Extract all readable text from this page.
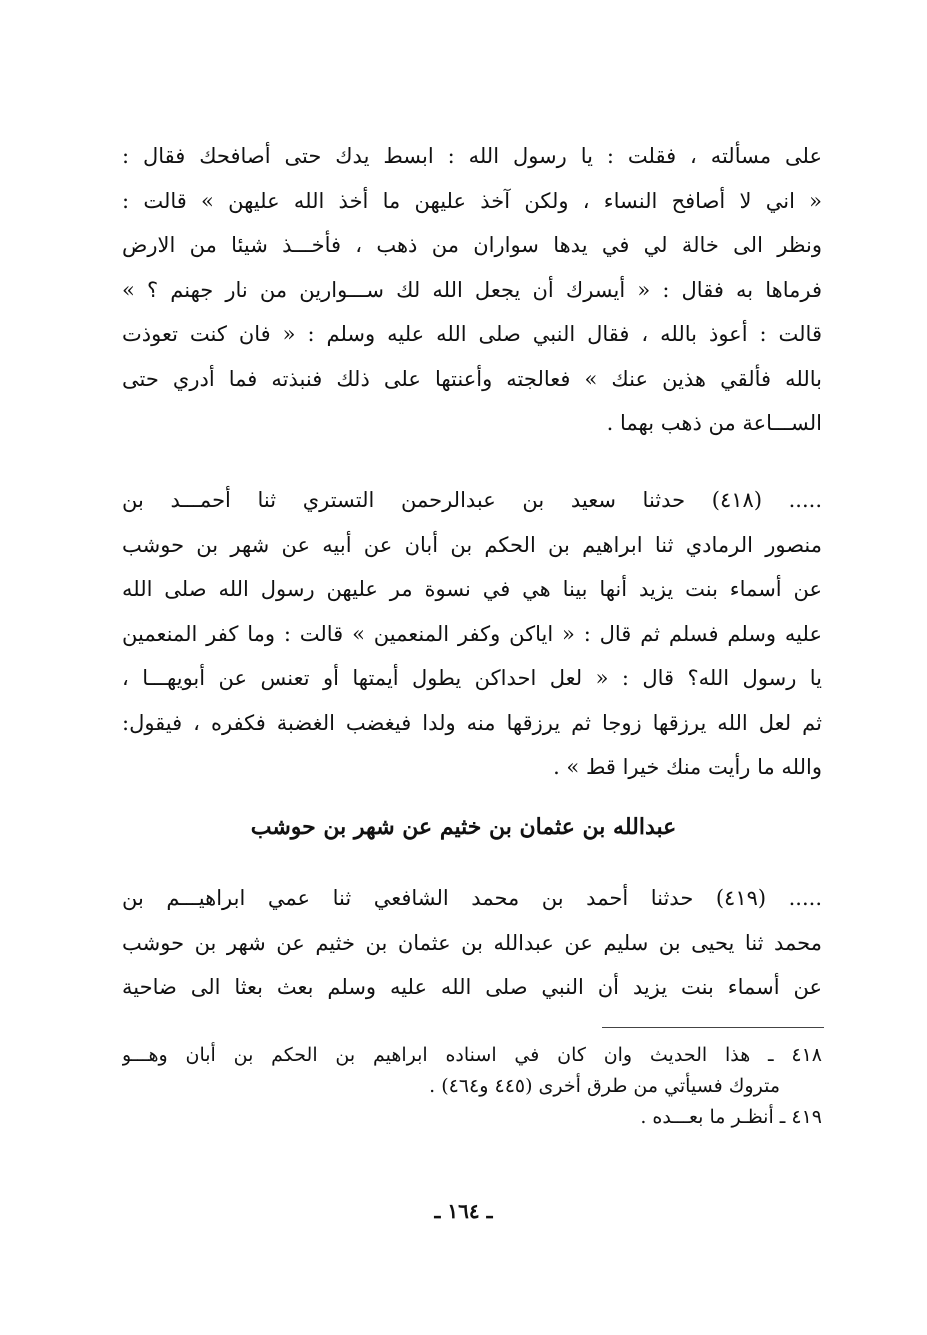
على مسألته ، فقلت : يا رسول الله : ابسط يدك حتى أصافحك فقال :
« اني لا أصافح النساء ، ولكن آخذ عليهن ما أخذ الله عليهن » قالت :
ونظر الى خالة لي في يدها سواران من ذهب ، فأخـــذ شيئا من الارض
فرماها به فقال : « أيسرك أن يجعل الله لك ســـوارين من نار جهنم ؟ »
قالت : أعوذ بالله ، فقال النبي صلى الله عليه وسلم : « فان كنت تعوذت
بالله فألقي هذين عنك » فعالجته وأعنتها على ذلك فنبذته فما أدري حتى
الســـاعة من ذهب بهما .
..... (٤١٨) حدثنا سعيد بن عبدالرحمن التستري ثنا أحمـــد بن
منصور الرمادي ثنا ابراهيم بن الحكم بن أبان عن أبيه عن شهر بن حوشب
عن أسماء بنت يزيد أنها بينا هي في نسوة مر عليهن رسول الله صلى الله
عليه وسلم فسلم ثم قال : « اياكن وكفر المنعمين » قالت : وما كفر المنعمين
يا رسول الله؟ قال : « لعل احداكن يطول أيمتها أو تعنس عن أبويهـــا ،
ثم لعل الله يرزقها زوجا ثم يرزقها منه ولدا فيغضب الغضبة فكفره ، فيقول:
والله ما رأيت منك خيرا قط » .
عبدالله بن عثمان بن خثيم عن شهر بن حوشب
..... (٤١٩) حدثنا أحمد بن محمد الشافعي ثنا عمي ابراهيـــم بن
محمد ثنا يحيى بن سليم عن عبدالله بن عثمان بن خثيم عن شهر بن حوشب
عن أسماء بنت يزيد أن النبي صلى الله عليه وسلم بعث بعثا الى ضاحية
٤١٨ ـ هذا الحديث وان كان في اسناده ابراهيم بن الحكم بن أبان وهـــو
متروك فسيأتي من طرق أخرى (٤٤٥ و٤٦٤) .
٤١٩ ـ أنظـر ما بعـــده .
ـ ١٦٤ ـ
